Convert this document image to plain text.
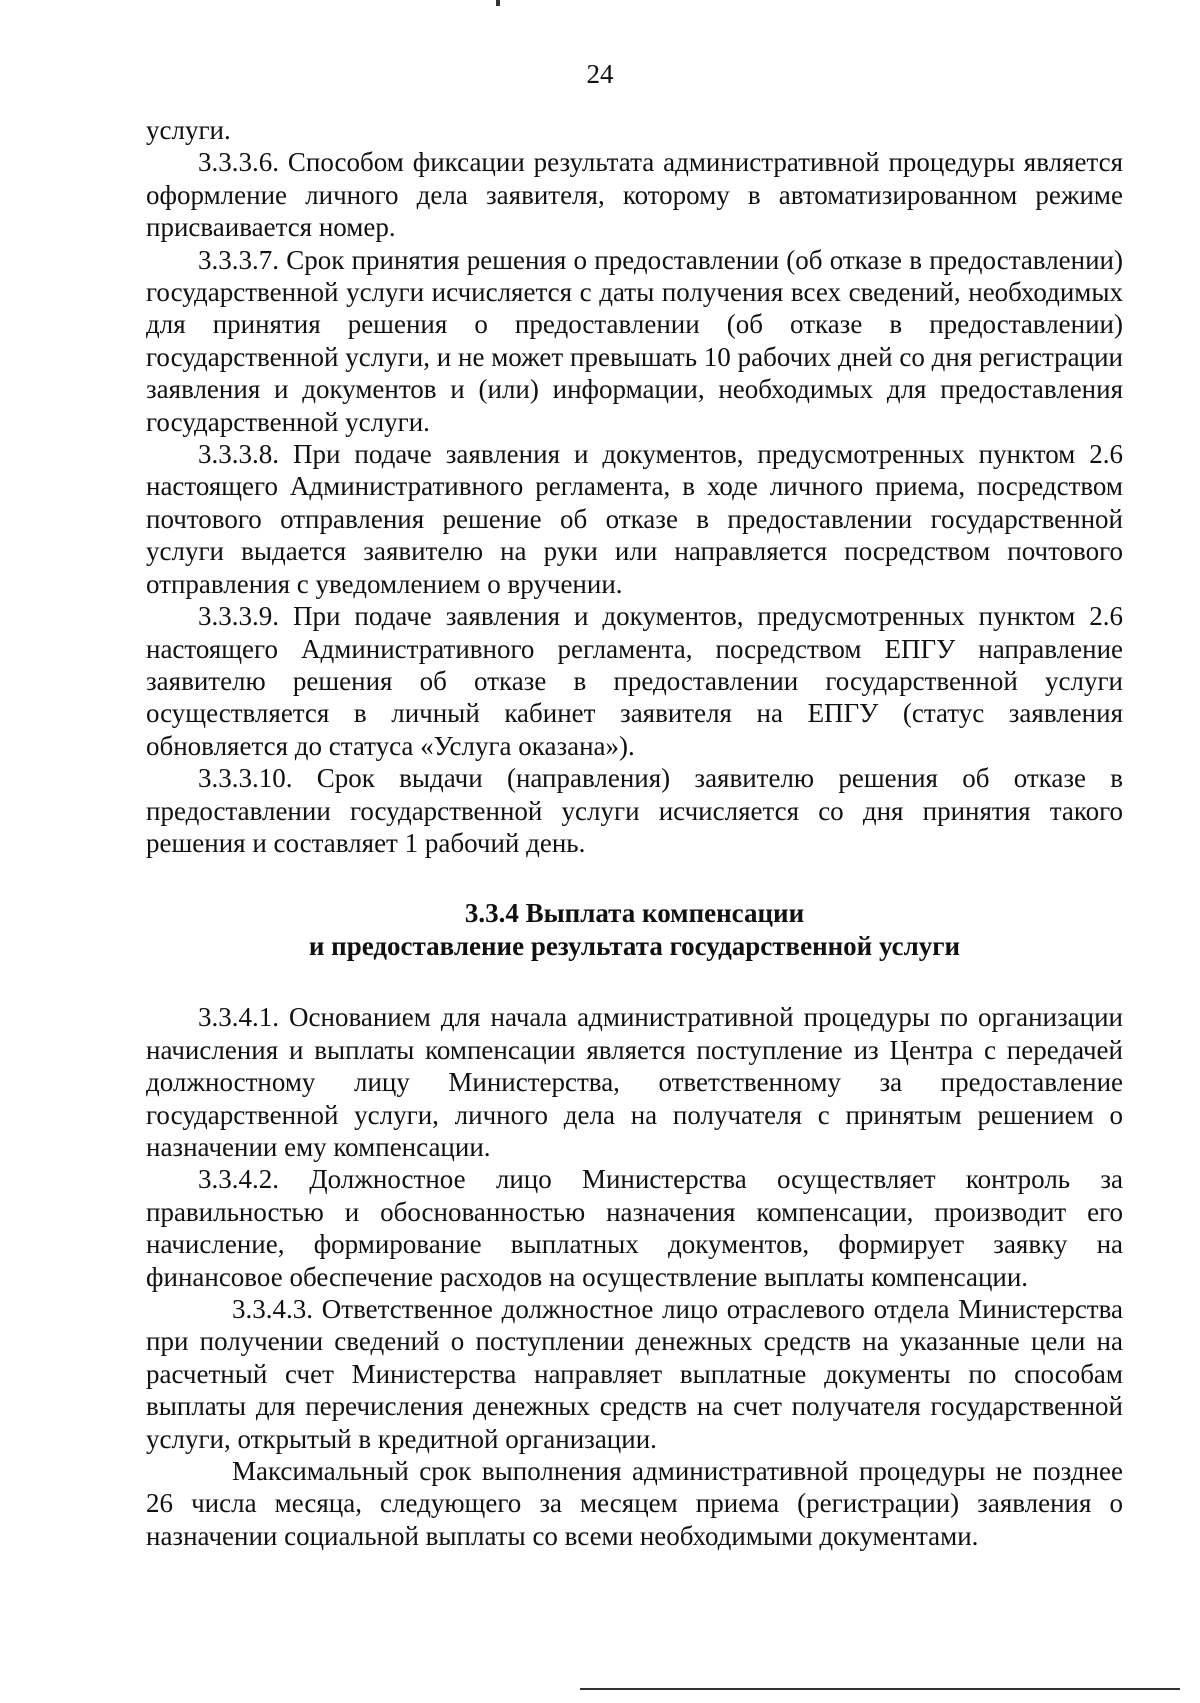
24

услуги.

3.3.3.6. Способом фиксации результата административной процедуры является оформление личного дела заявителя, которому в автоматизированном режиме присваивается номер.

3.3.3.7. Срок принятия решения о предоставлении (об отказе в предоставлении) государственной услуги исчисляется с даты получения всех сведений, необходимых для принятия решения о предоставлении (об отказе в предоставлении) государственной услуги, и не может превышать 10 рабочих дней со дня регистрации заявления и документов и (или) информации, необходимых для предоставления государственной услуги.

3.3.3.8. При подаче заявления и документов, предусмотренных пунктом 2.6 настоящего Административного регламента, в ходе личного приема, посредством почтового отправления решение об отказе в предоставлении государственной услуги выдается заявителю на руки или направляется посредством почтового отправления с уведомлением о вручении.

3.3.3.9. При подаче заявления и документов, предусмотренных пунктом 2.6 настоящего Административного регламента, посредством ЕПГУ направление заявителю решения об отказе в предоставлении государственной услуги осуществляется в личный кабинет заявителя на ЕПГУ (статус заявления обновляется до статуса «Услуга оказана»).

3.3.3.10. Срок выдачи (направления) заявителю решения об отказе в предоставлении государственной услуги исчисляется со дня принятия такого решения и составляет 1 рабочий день.

3.3.4 Выплата компенсации
и предоставление результата государственной услуги

3.3.4.1. Основанием для начала административной процедуры по организации начисления и выплаты компенсации является поступление из Центра с передачей должностному лицу Министерства, ответственному за предоставление государственной услуги, личного дела на получателя с принятым решением о назначении ему компенсации.

3.3.4.2. Должностное лицо Министерства осуществляет контроль за правильностью и обоснованностью назначения компенсации, производит его начисление, формирование выплатных документов, формирует заявку на финансовое обеспечение расходов на осуществление выплаты компенсации.

3.3.4.3. Ответственное должностное лицо отраслевого отдела Министерства при получении сведений о поступлении денежных средств на указанные цели на расчетный счет Министерства направляет выплатные документы по способам выплаты для перечисления денежных средств на счет получателя государственной услуги, открытый в кредитной организации.

Максимальный срок выполнения административной процедуры не позднее 26 числа месяца, следующего за месяцем приема (регистрации) заявления о назначении социальной выплаты со всеми необходимыми документами.
